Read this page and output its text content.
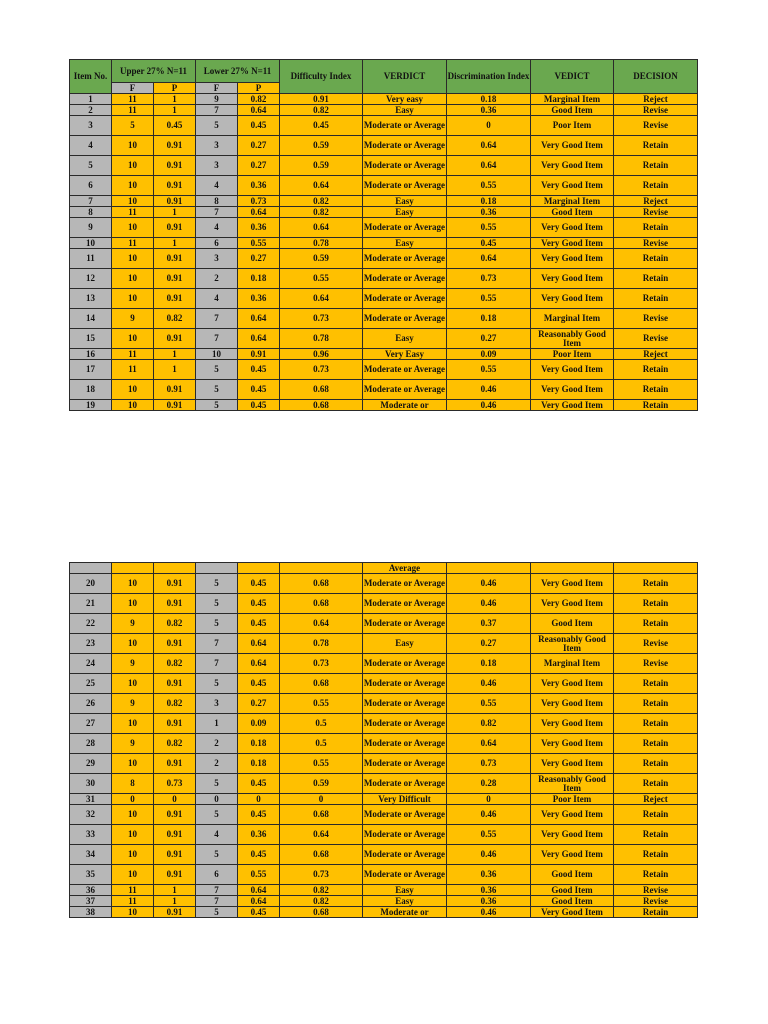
Item No.	Upper 27% N=11		Lower 27% N=11		Difficulty Index	VERDICT	Discrimination Index	VEDICT	DECISION
	F	P	F	P					
1	11	1	9	0.82	0.91	Very easy	0.18	Marginal Item	Reject
2	11	1	7	0.64	0.82	Easy	0.36	Good Item	Revise
3	5	0.45	5	0.45	0.45	Moderate or Average	0	Poor Item	Revise
4	10	0.91	3	0.27	0.59	Moderate or Average	0.64	Very Good Item	Retain
5	10	0.91	3	0.27	0.59	Moderate or Average	0.64	Very Good Item	Retain
6	10	0.91	4	0.36	0.64	Moderate or Average	0.55	Very Good Item	Retain
7	10	0.91	8	0.73	0.82	Easy	0.18	Marginal Item	Reject
8	11	1	7	0.64	0.82	Easy	0.36	Good Item	Revise
9	10	0.91	4	0.36	0.64	Moderate or Average	0.55	Very Good Item	Retain
10	11	1	6	0.55	0.78	Easy	0.45	Very Good Item	Revise
11	10	0.91	3	0.27	0.59	Moderate or Average	0.64	Very Good Item	Retain
12	10	0.91	2	0.18	0.55	Moderate or Average	0.73	Very Good Item	Retain
13	10	0.91	4	0.36	0.64	Moderate or Average	0.55	Very Good Item	Retain
14	9	0.82	7	0.64	0.73	Moderate or Average	0.18	Marginal Item	Revise
15	10	0.91	7	0.64	0.78	Easy	0.27	Reasonably Good Item	Revise
16	11	1	10	0.91	0.96	Very Easy	0.09	Poor Item	Reject
17	11	1	5	0.45	0.73	Moderate or Average	0.55	Very Good Item	Retain
18	10	0.91	5	0.45	0.68	Moderate or Average	0.46	Very Good Item	Retain
19	10	0.91	5	0.45	0.68	Moderate or	0.46	Very Good Item	Retain
						Average			
20	10	0.91	5	0.45	0.68	Moderate or Average	0.46	Very Good Item	Retain
21	10	0.91	5	0.45	0.68	Moderate or Average	0.46	Very Good Item	Retain
22	9	0.82	5	0.45	0.64	Moderate or Average	0.37	Good Item	Retain
23	10	0.91	7	0.64	0.78	Easy	0.27	Reasonably Good Item	Revise
24	9	0.82	7	0.64	0.73	Moderate or Average	0.18	Marginal Item	Revise
25	10	0.91	5	0.45	0.68	Moderate or Average	0.46	Very Good Item	Retain
26	9	0.82	3	0.27	0.55	Moderate or Average	0.55	Very Good Item	Retain
27	10	0.91	1	0.09	0.5	Moderate or Average	0.82	Very Good Item	Retain
28	9	0.82	2	0.18	0.5	Moderate or Average	0.64	Very Good Item	Retain
29	10	0.91	2	0.18	0.55	Moderate or Average	0.73	Very Good Item	Retain
30	8	0.73	5	0.45	0.59	Moderate or Average	0.28	Reasonably Good Item	Retain
31	0	0	0	0	0	Very Difficult	0	Poor Item	Reject
32	10	0.91	5	0.45	0.68	Moderate or Average	0.46	Very Good Item	Retain
33	10	0.91	4	0.36	0.64	Moderate or Average	0.55	Very Good Item	Retain
34	10	0.91	5	0.45	0.68	Moderate or Average	0.46	Very Good Item	Retain
35	10	0.91	6	0.55	0.73	Moderate or Average	0.36	Good Item	Retain
36	11	1	7	0.64	0.82	Easy	0.36	Good Item	Revise
37	11	1	7	0.64	0.82	Easy	0.36	Good Item	Revise
38	10	0.91	5	0.45	0.68	Moderate or	0.46	Very Good Item	Retain
